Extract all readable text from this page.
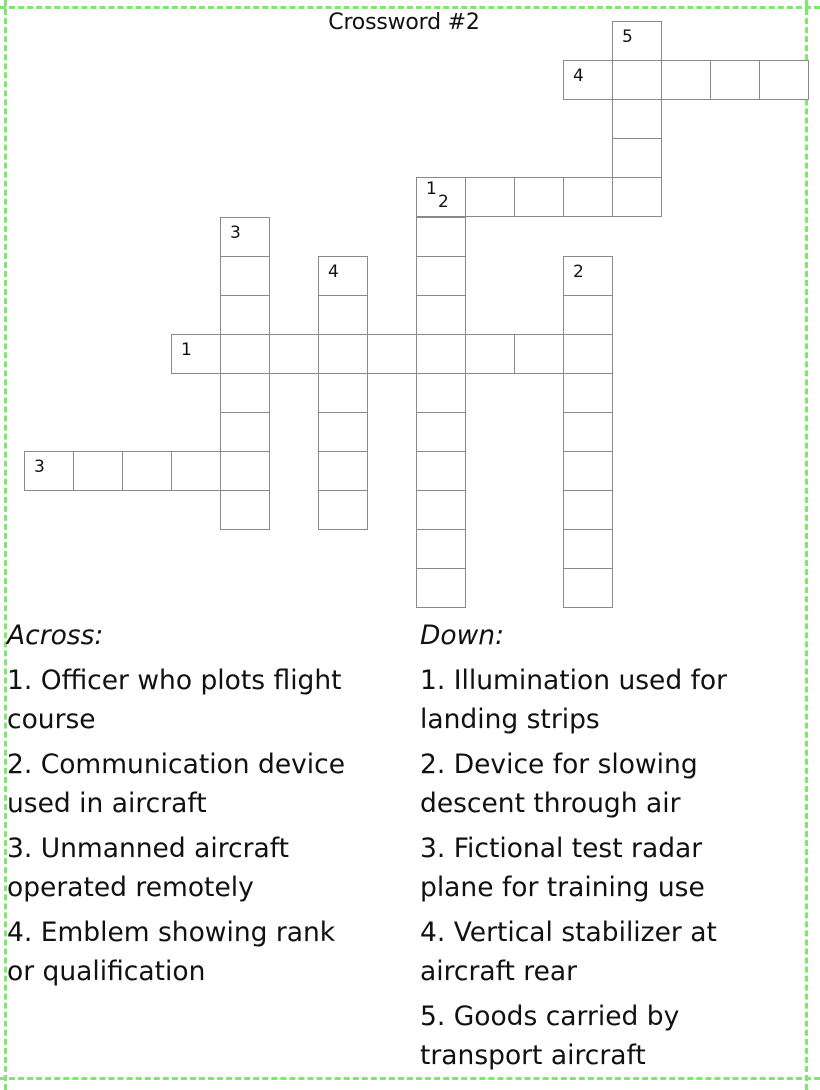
Crossword #2
5
4
1
2
3
4	2
1
3
Across:
1. Officer who plots flight
course
2. Communication device
used in aircraft
3. Unmanned aircraft
operated remotely
4. Emblem showing rank
or qualification
Down:
1. Illumination used for
landing strips
2. Device for slowing
descent through air
3. Fictional test radar
plane for training use
4. Vertical stabilizer at
aircraft rear
5. Goods carried by
transport aircraft
